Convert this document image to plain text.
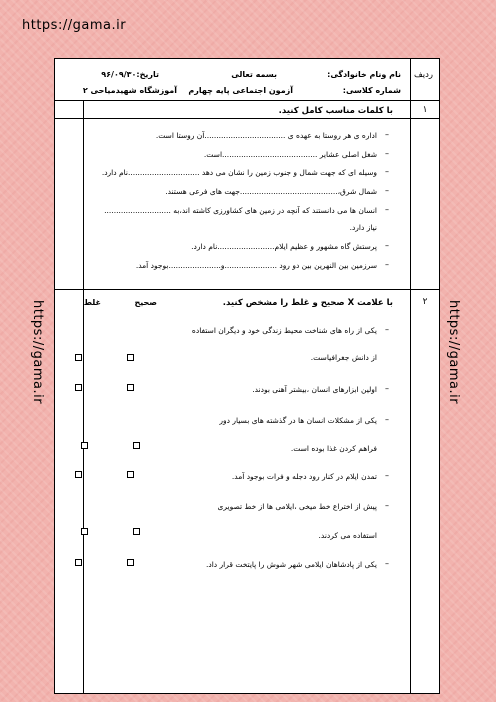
https://gama.ir
https://gama.ir	https://gama.ir
ردیف
نام ونام خانوادگی:
شماره کلاسی:
بسمه تعالی
آزمون اجتماعی پایه چهارم
تاریخ:۹۶/۰۹/۳۰
آموزشگاه شهیدمیاحی ۲
۱
با کلمات مناسب کامل کنید.
–
اداره ی هر روستا به عهده ی ..................................آن روستا است.
–
شغل اصلی عشایر ........................................است.
–
وسیله ای که جهت شمال و جنوب زمین را نشان می دهد ..............................نام دارد.
–
شمال شرق،.........................................جهت های فرعی هستند.
–
انسان ها می دانستند که آنچه در زمین های کشاورزی کاشته اند،به ............................
نیاز دارد.
–
پرستش گاه مشهور و عظیم ایلام........................نام دارد.
–
سرزمین بین النهرین بین دو رود ......................و......................بوجود آمد.
۲
با علامت X صحیح و غلط را مشخص کنید.
صحیح
غلط
–
یکی از راه های شناخت محیط زندگی خود و دیگران استفاده
از دانش جغرافیاست.
–
اولین ابزارهای انسان ،بیشتر آهنی بودند.
–
یکی از مشکلات انسان ها در گذشته های بسیار دور
فراهم کردن غذا بوده است.
–
تمدن ایلام در کنار رود دجله و فرات بوجود آمد.
–
پیش از اختراع خط میخی ،ایلامی ها از خط تصویری
استفاده می کردند.
–
یکی از پادشاهان ایلامی شهر شوش را پایتخت قرار داد.
